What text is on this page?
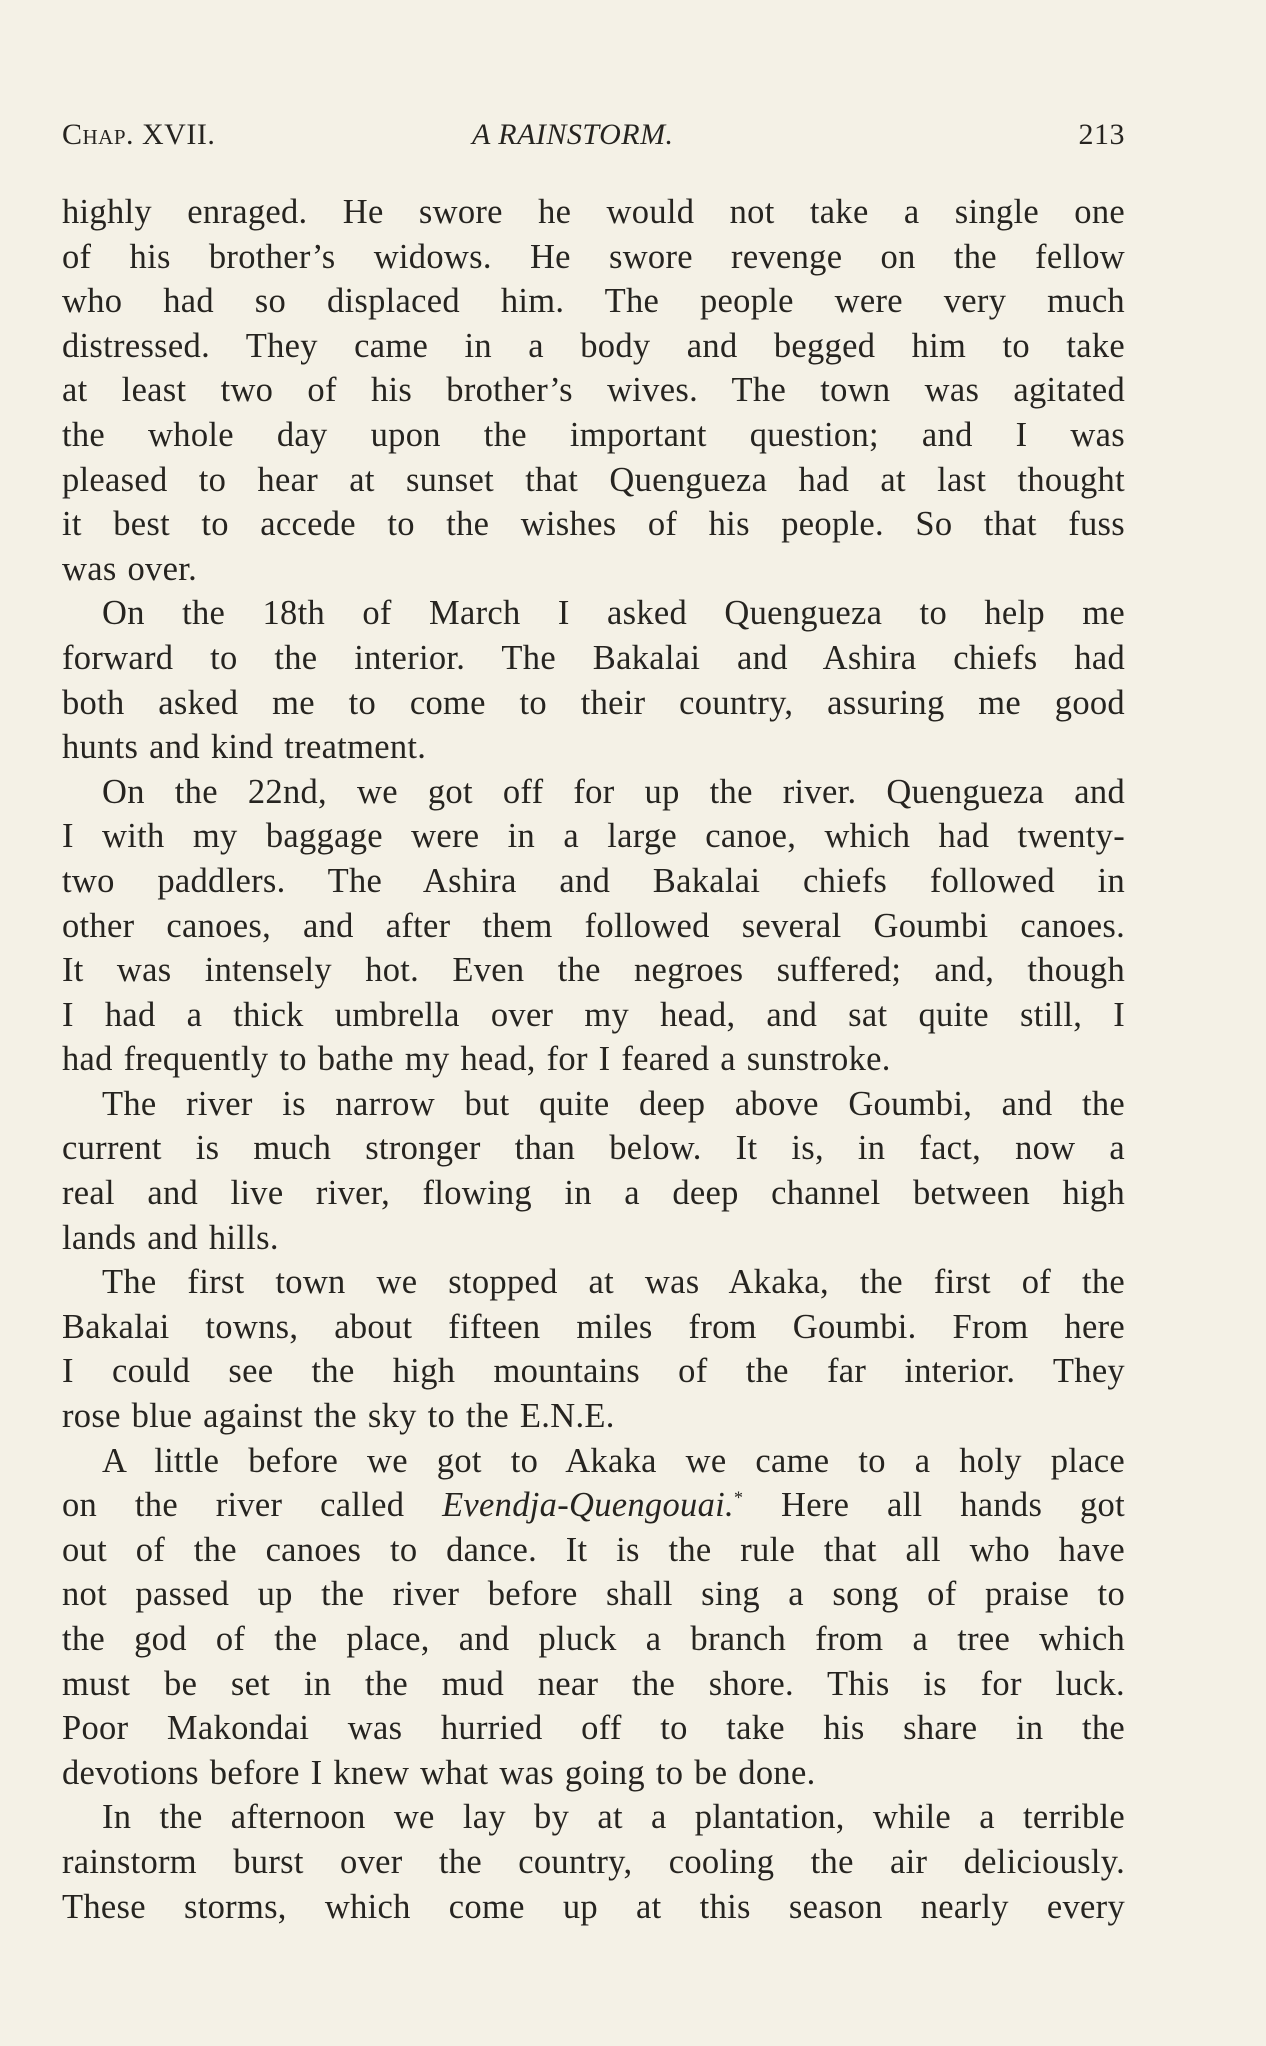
Chap. XVII.	A RAINSTORM.	213
highly enraged. He swore he would not take a single one
of his brother’s widows. He swore revenge on the fellow
who had so displaced him. The people were very much
distressed. They came in a body and begged him to take
at least two of his brother’s wives. The town was agitated
the whole day upon the important question; and I was
pleased to hear at sunset that Quengueza had at last thought
it best to accede to the wishes of his people. So that fuss
was over.
On the 18th of March I asked Quengueza to help me
forward to the interior. The Bakalai and Ashira chiefs had
both asked me to come to their country, assuring me good
hunts and kind treatment.
On the 22nd, we got off for up the river. Quengueza and
I with my baggage were in a large canoe, which had twenty-
two paddlers. The Ashira and Bakalai chiefs followed in
other canoes, and after them followed several Goumbi canoes.
It was intensely hot. Even the negroes suffered; and, though
I had a thick umbrella over my head, and sat quite still, I
had frequently to bathe my head, for I feared a sunstroke.
The river is narrow but quite deep above Goumbi, and the
current is much stronger than below. It is, in fact, now a
real and live river, flowing in a deep channel between high
lands and hills.
The first town we stopped at was Akaka, the first of the
Bakalai towns, about fifteen miles from Goumbi. From here
I could see the high mountains of the far interior. They
rose blue against the sky to the E.N.E.
A little before we got to Akaka we came to a holy place
on the river called Evendja-Quengouai.* Here all hands got
out of the canoes to dance. It is the rule that all who have
not passed up the river before shall sing a song of praise to
the god of the place, and pluck a branch from a tree which
must be set in the mud near the shore. This is for luck.
Poor Makondai was hurried off to take his share in the
devotions before I knew what was going to be done.
In the afternoon we lay by at a plantation, while a terrible
rainstorm burst over the country, cooling the air deliciously.
These storms, which come up at this season nearly every
